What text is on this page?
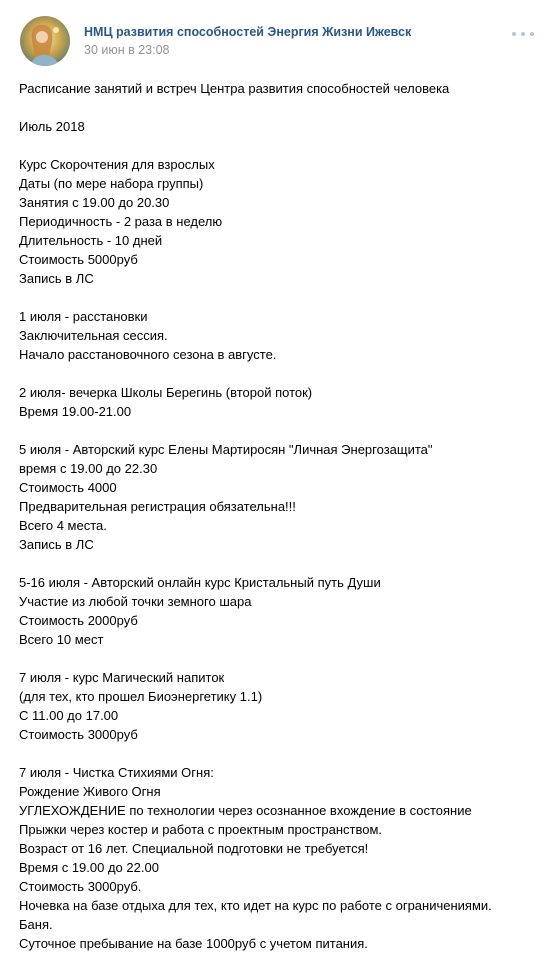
НМЦ развития способностей Энергия Жизни Ижевск
30 июн в 23:08
Расписание занятий и встреч Центра развития способностей человека
Июль 2018
Курс Скорочтения для взрослых
Даты (по мере набора группы)
Занятия с 19.00 до 20.30
Периодичность - 2 раза в неделю
Длительность - 10 дней
Стоимость 5000руб
Запись в ЛС
1 июля - расстановки
Заключительная сессия.
Начало расстановочного сезона в августе.
2 июля- вечерка Школы Берегинь (второй поток)
Время 19.00-21.00
5 июля - Авторский курс Елены Мартиросян "Личная Энергозащита"
время с 19.00 до 22.30
Стоимость 4000
Предварительная регистрация обязательна!!!
Всего 4 места.
Запись в ЛС
5-16 июля - Авторский онлайн курс Кристальный путь Души
Участие из любой точки земного шара
Стоимость 2000руб
Всего 10 мест
7 июля - курс Магический напиток
(для тех, кто прошел Биоэнергетику 1.1)
С 11.00 до 17.00
Стоимость 3000руб
7 июля - Чистка Стихиями Огня:
Рождение Живого Огня
УГЛЕХОЖДЕНИЕ по технологии через осознанное вхождение в состояние
Прыжки через костер и работа с проектным пространством.
Возраст от 16 лет. Специальной подготовки не требуется!
Время с 19.00 до 22.00
Стоимость 3000руб.
Ночевка на базе отдыха для тех, кто идет на курс по работе с ограничениями.
Баня.
Суточное пребывание на базе 1000руб с учетом питания.
